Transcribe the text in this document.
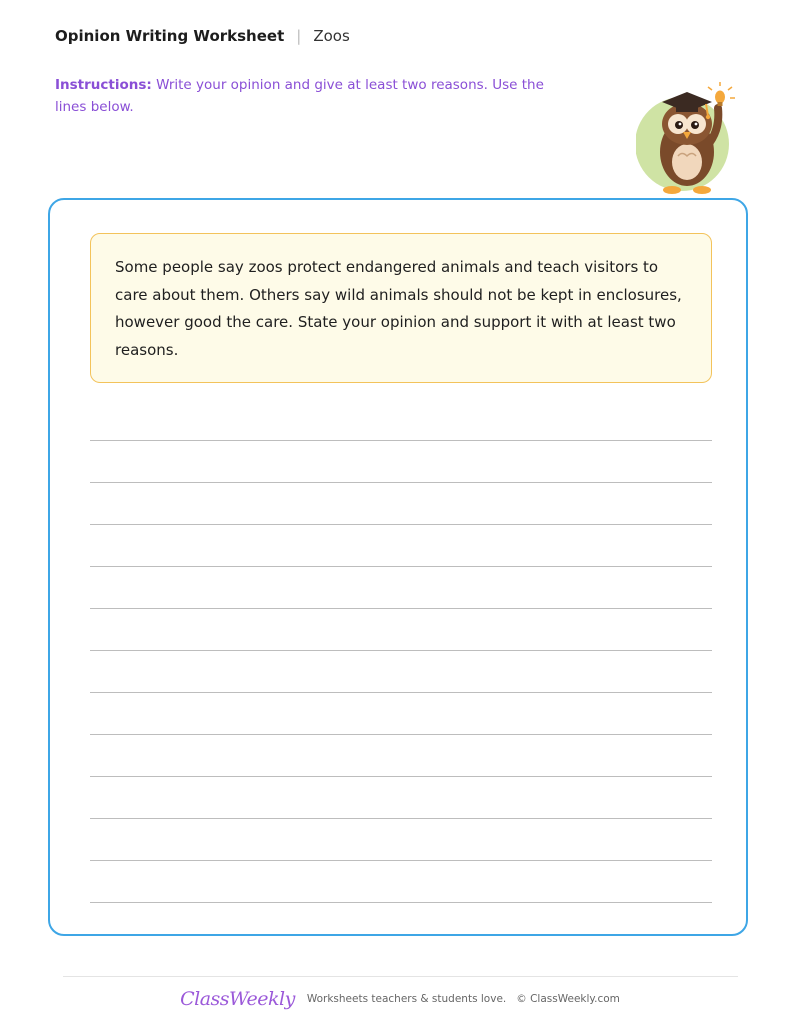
Opinion Writing Worksheet | Zoos
Instructions: Write your opinion and give at least two reasons. Use the lines below.
Some people say zoos protect endangered animals and teach visitors to care about them. Others say wild animals should not be kept in enclosures, however good the care. State your opinion and support it with at least two reasons.
ClassWeekly Worksheets teachers & students love. © ClassWeekly.com
